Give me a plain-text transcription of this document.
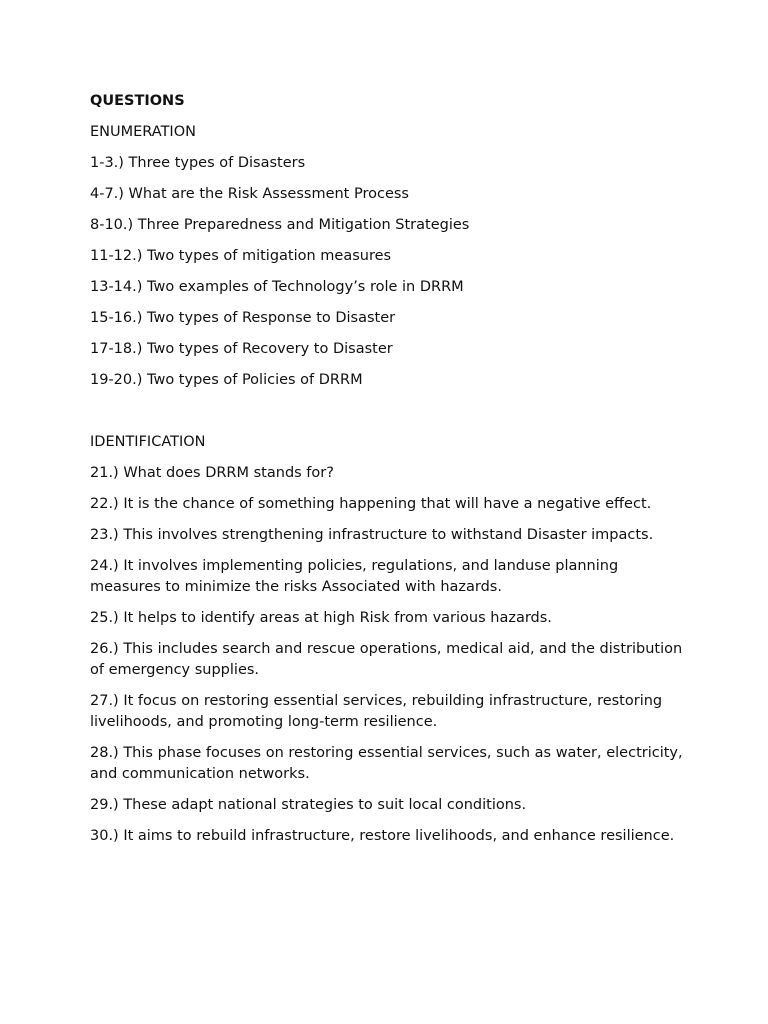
QUESTIONS
ENUMERATION
1-3.) Three types of Disasters
4-7.) What are the Risk Assessment Process
8-10.) Three Preparedness and Mitigation Strategies
11-12.) Two types of mitigation measures
13-14.) Two examples of Technology’s role in DRRM
15-16.) Two types of Response to Disaster
17-18.) Two types of Recovery to Disaster
19-20.) Two types of Policies of DRRM
IDENTIFICATION
21.) What does DRRM stands for?
22.) It is the chance of something happening that will have a negative effect.
23.) This involves strengthening infrastructure to withstand Disaster impacts.
24.) It involves implementing policies, regulations, and landuse planning measures to minimize the risks Associated with hazards.
25.) It helps to identify areas at high Risk from various hazards.
26.) This includes search and rescue operations, medical aid, and the distribution of emergency supplies.
27.) It focus on restoring essential services, rebuilding infrastructure, restoring livelihoods, and promoting long-term resilience.
28.) This phase focuses on restoring essential services, such as water, electricity, and communication networks.
29.) These adapt national strategies to suit local conditions.
30.) It aims to rebuild infrastructure, restore livelihoods, and enhance resilience.
